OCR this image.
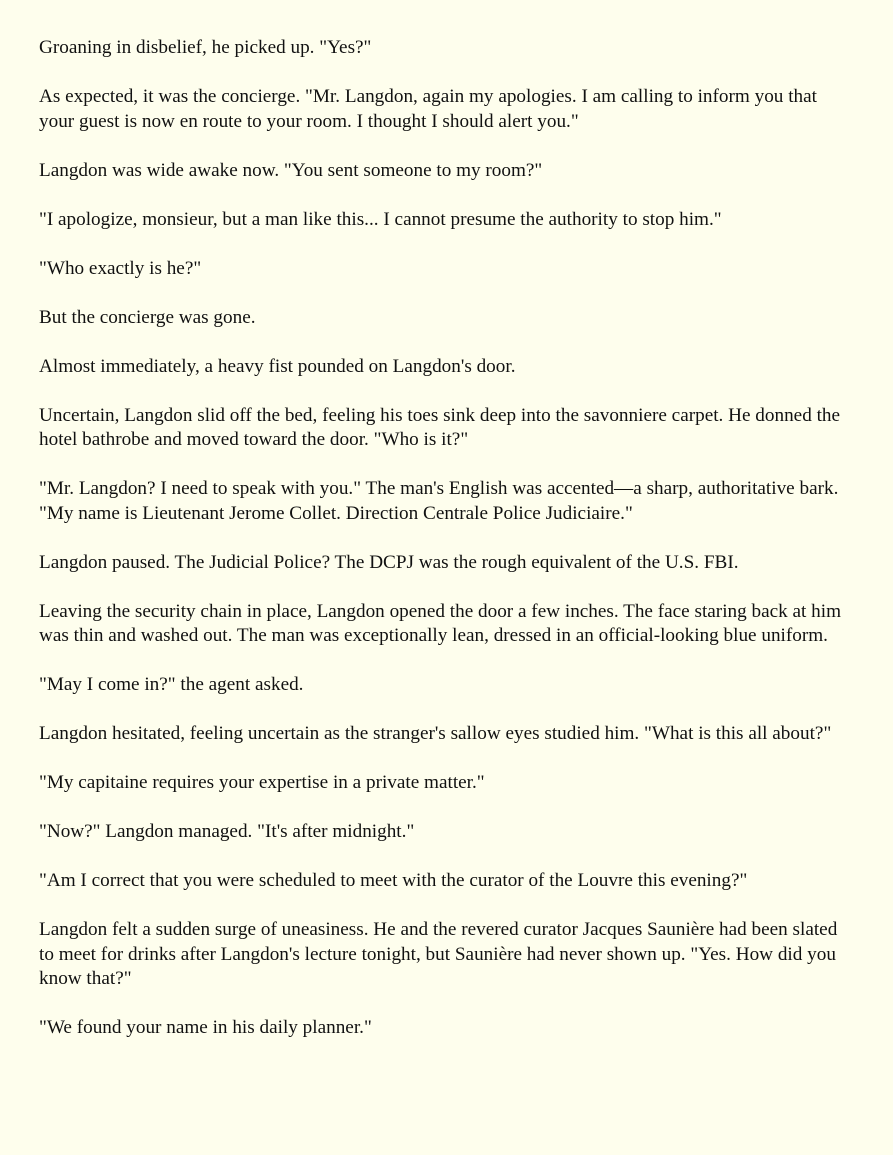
Groaning in disbelief, he picked up. "Yes?"

As expected, it was the concierge. "Mr. Langdon, again my apologies. I am calling to inform you that your guest is now en route to your room. I thought I should alert you."

Langdon was wide awake now. "You sent someone to my room?"

"I apologize, monsieur, but a man like this... I cannot presume the authority to stop him."

"Who exactly is he?"

But the concierge was gone.

Almost immediately, a heavy fist pounded on Langdon's door.

Uncertain, Langdon slid off the bed, feeling his toes sink deep into the savonniere carpet. He donned the hotel bathrobe and moved toward the door. "Who is it?"

"Mr. Langdon? I need to speak with you." The man's English was accented—a sharp, authoritative bark. "My name is Lieutenant Jerome Collet. Direction Centrale Police Judiciaire."

Langdon paused. The Judicial Police? The DCPJ was the rough equivalent of the U.S. FBI.

Leaving the security chain in place, Langdon opened the door a few inches. The face staring back at him was thin and washed out. The man was exceptionally lean, dressed in an official-looking blue uniform.

"May I come in?" the agent asked.

Langdon hesitated, feeling uncertain as the stranger's sallow eyes studied him. "What is this all about?"

"My capitaine requires your expertise in a private matter."

"Now?" Langdon managed. "It's after midnight."

"Am I correct that you were scheduled to meet with the curator of the Louvre this evening?"

Langdon felt a sudden surge of uneasiness. He and the revered curator Jacques Saunière had been slated to meet for drinks after Langdon's lecture tonight, but Saunière had never shown up. "Yes. How did you know that?"

"We found your name in his daily planner."
